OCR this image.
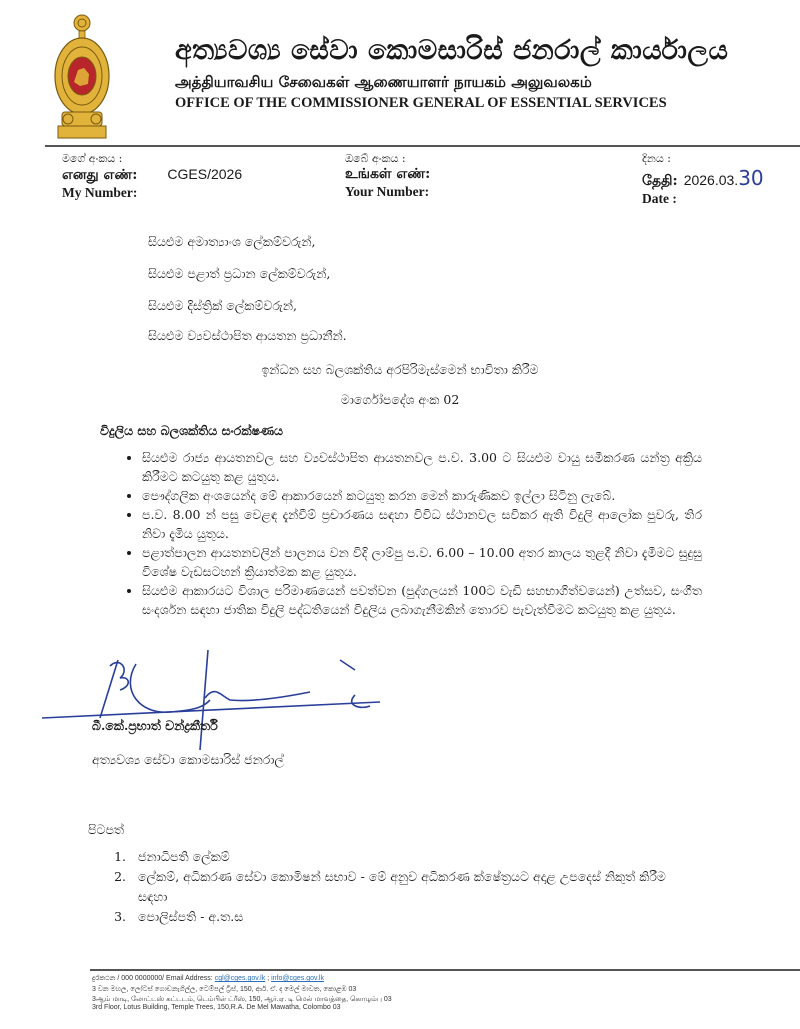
අත්‍යවශ්‍ය සේවා කොමසාරිස් ජනරාල් කාර්යාලය
அத்தியாவசிய சேவைகள் ஆணையாளர் நாயகம் அலுவலகம்
OFFICE OF THE COMMISSIONER GENERAL OF ESSENTIAL SERVICES
මගේ අංකය :
எனது எண்: CGES/2026
My Number:
ඔබේ අංකය :
உங்கள் எண்:
Your Number:
දිනය :
தேதி: 2026.03. 30
Date :
සියළුම අමාත්‍යාංශ ලේකම්වරුන්,
සියළුම පළාත් ප්‍රධාන ලේකම්වරුන්,
සියළුම දිස්ත්‍රික් ලේකම්වරුන්,
සියළුම ව්‍යවස්ථාපිත ආයතන ප්‍රධානීන්.
ඉන්ධන සහ බලශක්තිය අරපිරිමැස්මෙන් භාවිතා කිරීම
මාර්ගෝපදේශ අංක 02
විදුලිය සහ බලශක්තිය සංරක්ෂණය
• සියළුම රාජ්‍ය ආයතනවල සහ ව්‍යවස්ථාපිත ආයතනවල ප.ව. 3.00 ට සියළුම වායු සමීකරණ යන්ත්‍ර අක්‍රිය කිරීමට කටයුතු කළ යුතුය.
• පෞද්ගලික අංශයෙන්ද මේ ආකාරයෙන් කටයුතු කරන මෙන් කාරුණිකව ඉල්ලා සිටිනු ලැබේ.
• ප.ව. 8.00 න් පසු වෙළඳ දැන්වීම් ප්‍රචාරණය සඳහා විවිධ ස්ථානවල සවිකර ඇති විදුලි ආලෝක පුවරු, තිර නිවා දැමිය යුතුය.
• පළාත්පාලන ආයතනවලින් පාලනය වන විදි ලාම්පු ප.ව. 6.00 – 10.00 අතර කාලය තුළදී නිවා දැමීමට සුදුසු විශේෂ වැඩසටහන් ක්‍රියාත්මක කළ යුතුය.
• සියළුම ආකාරයට විශාල පරිමාණයෙන් පවත්වන (පුද්ගලයන් 100ට වැඩි සහභාගිත්වයෙන්) උත්සව, සංගීත සංදර්ශන සඳහා ජාතික විදුලි පද්ධතියෙන් විදුලිය ලබාගැනීමකින් තොරව පැවැත්වීමට කටයුතු කළ යුතුය.
බී.කේ.ප්‍රභාත් චන්ද්‍රකීර්ති
අත්‍යවශ්‍ය සේවා කොමසාරිස් ජනරාල්
පිටපත්
1. ජනාධිපති ලේකම්
2. ලේකම්, අධිකරණ සේවා කොමිෂන් සභාව - මේ අනුව අධිකරණ ක්ෂේත්‍රයට අදාළ උපදෙස් නිකුත් කිරීම සඳහා
3. පොලිස්පති - අ.ත.ස
දුරකථන / 000 0000000/ Email Address: cgl@cges.gov.lk ; info@cges.gov.lk
3 වන මහල, ලෝටස් ගොඩනැගිල්ල, ටෙම්පල් ට්‍රීස්, 150, ආර්. ඒ. ද මෙල් මාවත, කොළඹ 03
3ஆம் மாடி, லோட்டஸ் கட்டடம், டெம்பிள் ட்ரீஸ், 150, ஆர்.ஏ. டி மெல் மாவத்தை, கொழும்பு 03
3rd Floor, Lotus Building, Temple Trees, 150,R.A. De Mel Mawatha, Colombo 03
